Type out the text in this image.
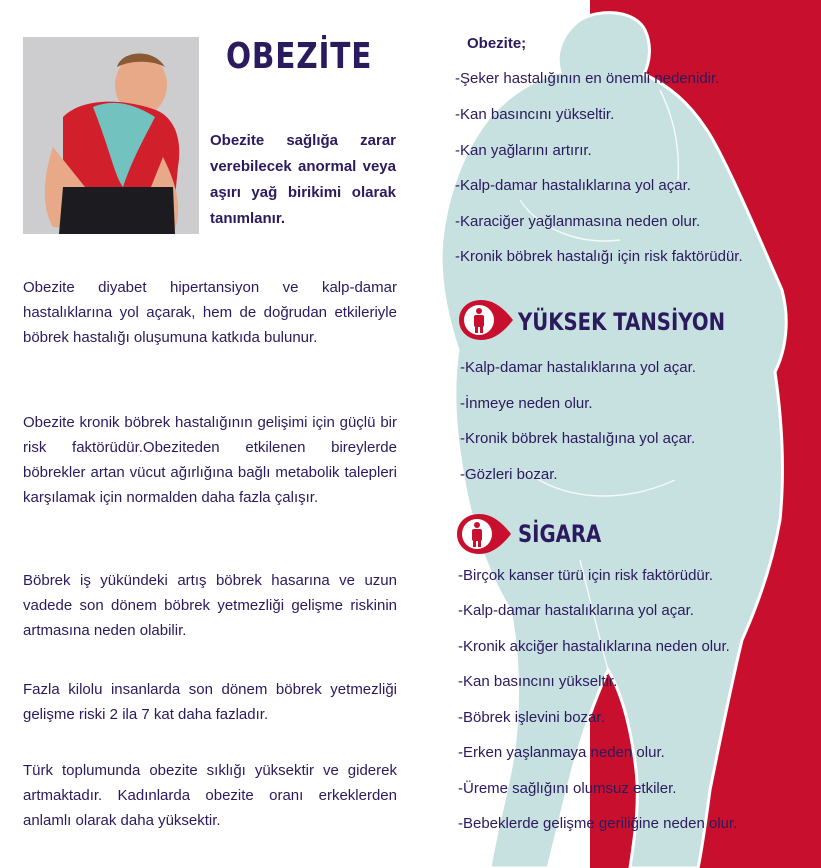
OBEZİTE
Obezite sağlığa zarar verebilecek anormal veya aşırı yağ birikimi olarak tanımlanır.
Obezite diyabet hipertansiyon ve kalp-damar hastalıklarına yol açarak, hem de doğrudan etkileriyle böbrek hastalığı oluşumuna katkıda bulunur.
Obezite kronik böbrek hastalığının gelişimi için güçlü bir risk faktörüdür.Obeziteden etkilenen bireylerde böbrekler artan vücut ağırlığına bağlı metabolik talepleri karşılamak için normalden daha fazla çalışır.
Böbrek iş yükündeki artış böbrek hasarına ve uzun vadede son dönem böbrek yetmezliği gelişme riskinin artmasına neden olabilir.
Fazla kilolu insanlarda son dönem böbrek yetmezliği gelişme riski 2 ila 7 kat daha fazladır.
Türk toplumunda obezite sıklığı yüksektir ve giderek artmaktadır. Kadınlarda obezite oranı erkeklerden anlamlı olarak daha yüksektir.
Obezite;
-Şeker hastalığının en önemli nedenidir.
-Kan basıncını yükseltir.
-Kan yağlarını artırır.
-Kalp-damar hastalıklarına yol açar.
-Karaciğer yağlanmasına neden olur.
-Kronik böbrek hastalığı için risk faktörüdür.
YÜKSEK TANSİYON
-Kalp-damar hastalıklarına yol açar.
-İnmeye neden olur.
-Kronik böbrek hastalığına yol açar.
-Gözleri bozar.
SİGARA
-Birçok kanser türü için risk faktörüdür.
-Kalp-damar hastalıklarına yol açar.
-Kronik akciğer hastalıklarına neden olur.
-Kan basıncını yükseltir.
-Böbrek işlevini bozar.
-Erken yaşlanmaya neden olur.
-Üreme sağlığını olumsuz etkiler.
-Bebeklerde gelişme geriliğine neden olur.
